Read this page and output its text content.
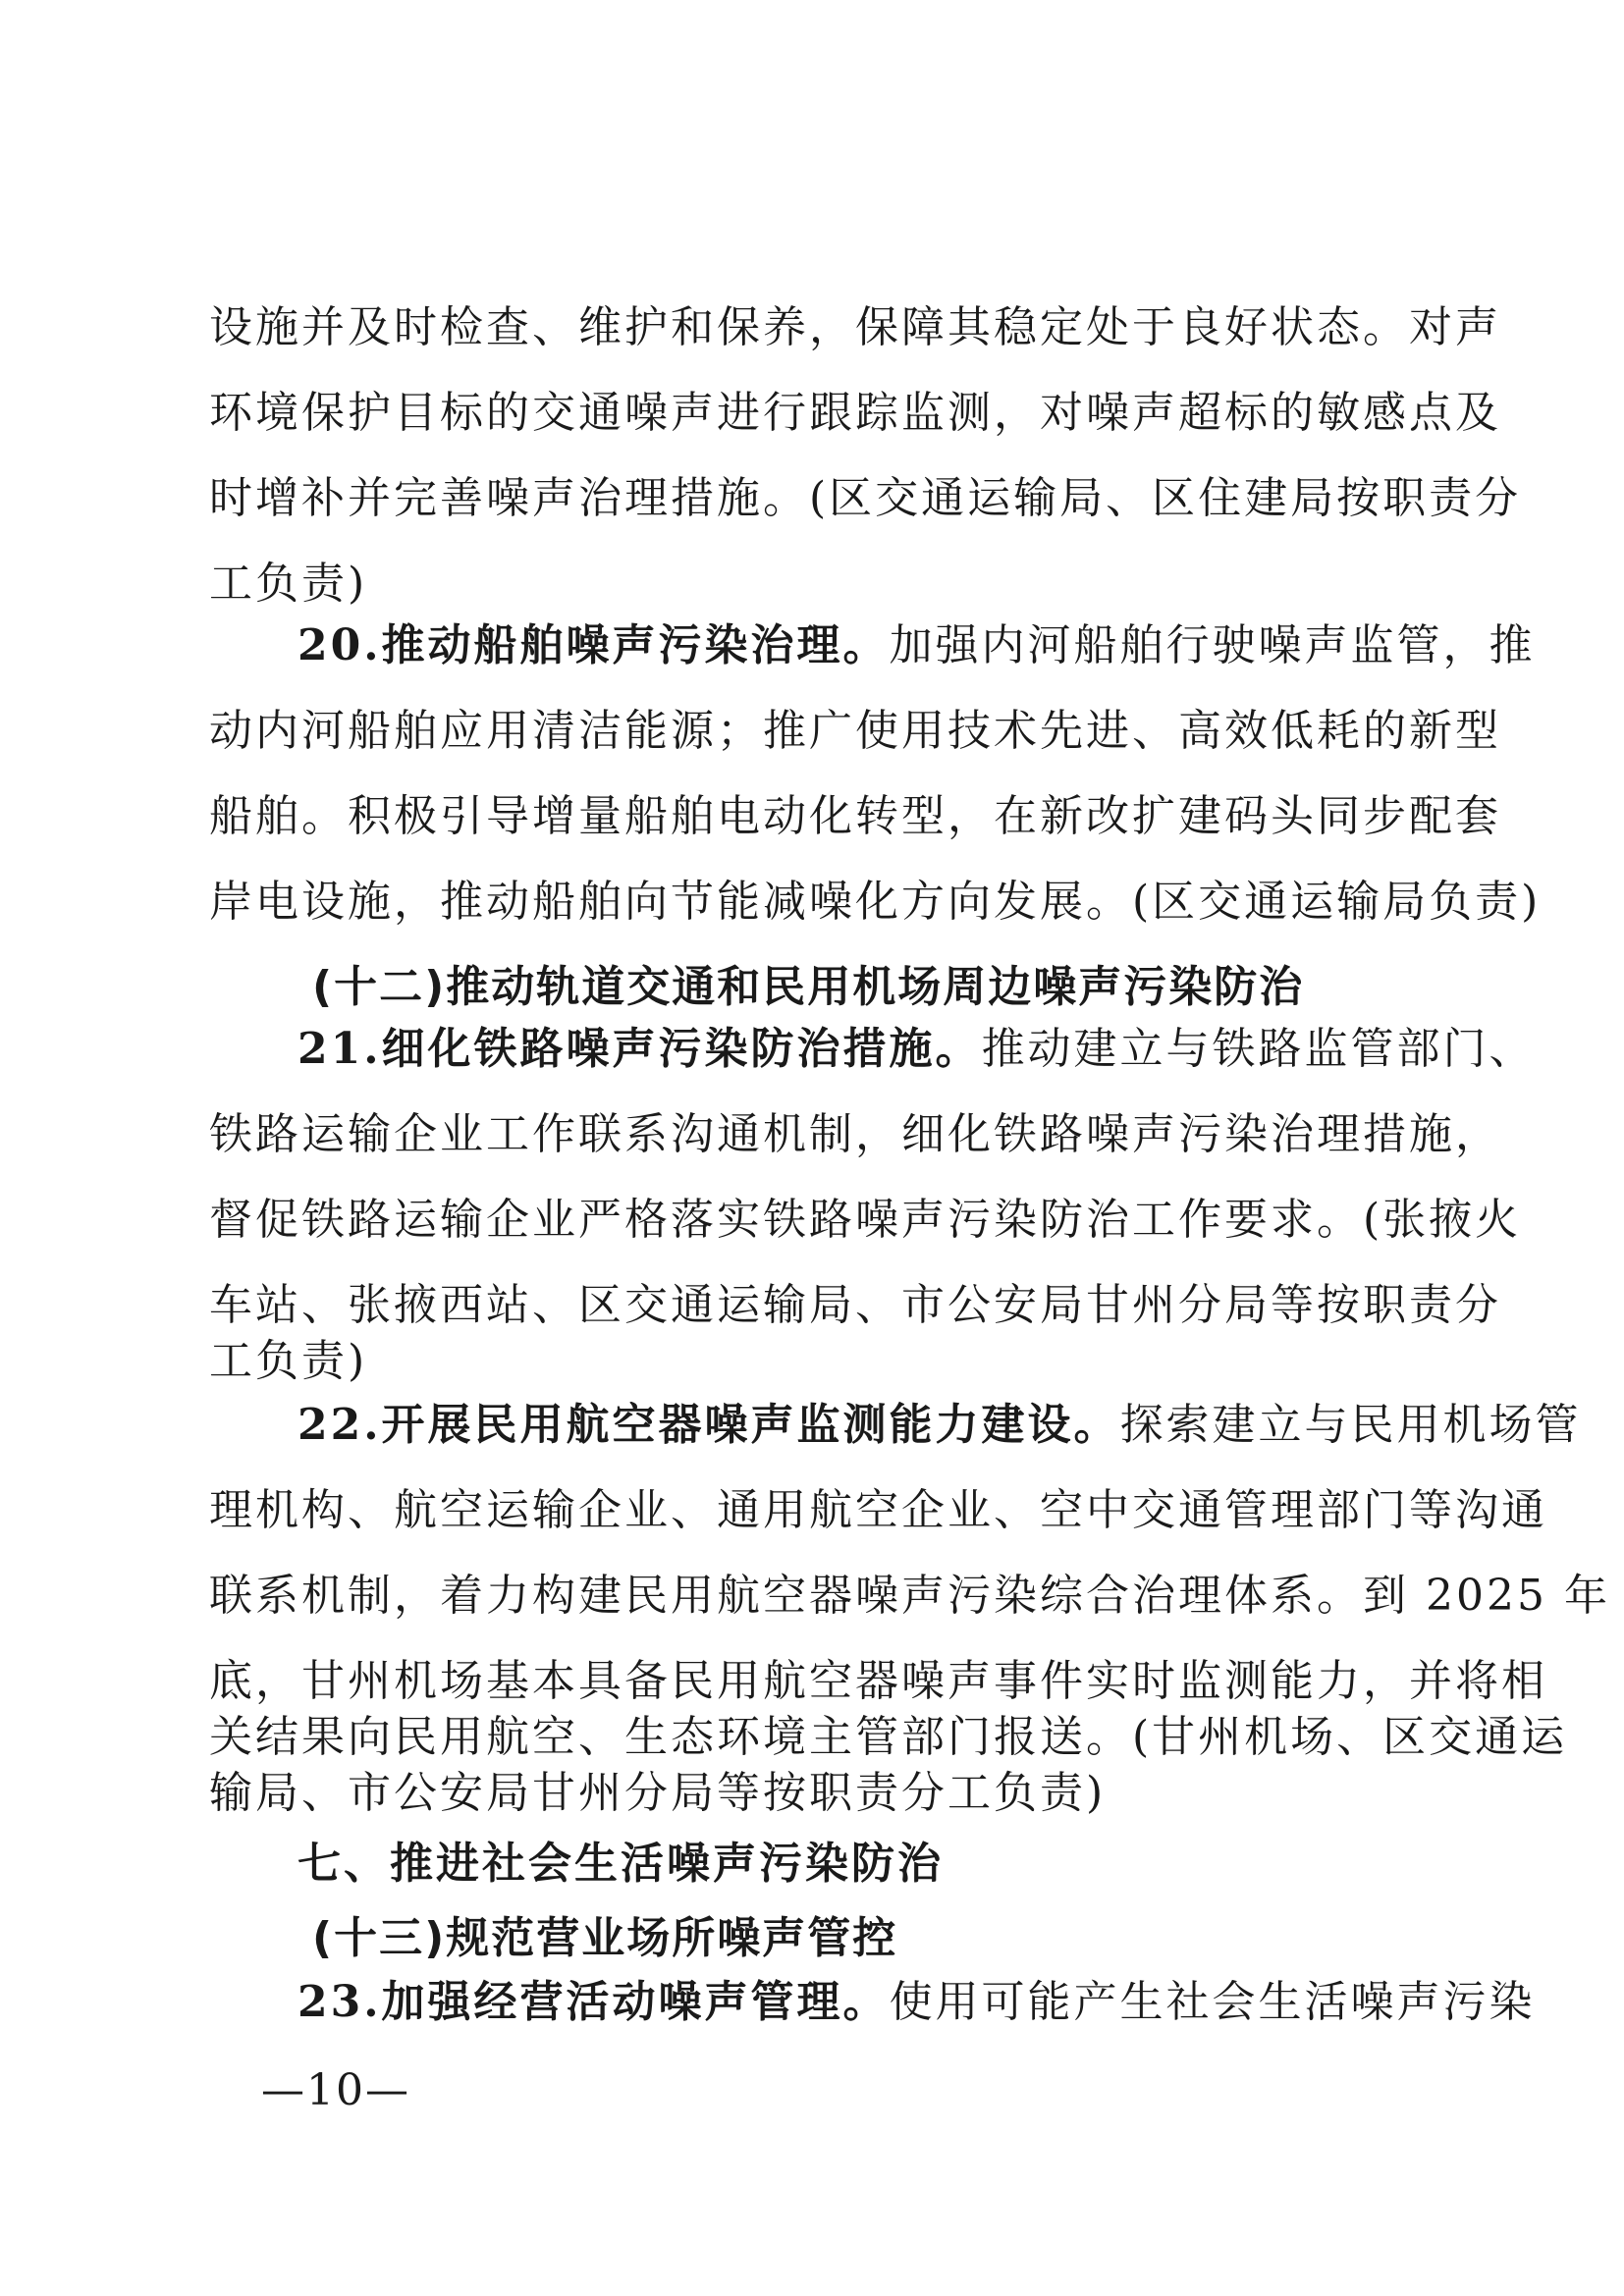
设施并及时检查、维护和保养，保障其稳定处于良好状态。对声
环境保护目标的交通噪声进行跟踪监测，对噪声超标的敏感点及
时增补并完善噪声治理措施。(区交通运输局、区住建局按职责分
工负责)
20.推动船舶噪声污染治理。加强内河船舶行驶噪声监管，推
动内河船舶应用清洁能源；推广使用技术先进、高效低耗的新型
船舶。积极引导增量船舶电动化转型，在新改扩建码头同步配套
岸电设施，推动船舶向节能减噪化方向发展。(区交通运输局负责)
(十二)推动轨道交通和民用机场周边噪声污染防治
21.细化铁路噪声污染防治措施。推动建立与铁路监管部门、
铁路运输企业工作联系沟通机制，细化铁路噪声污染治理措施，
督促铁路运输企业严格落实铁路噪声污染防治工作要求。(张掖火
车站、张掖西站、区交通运输局、市公安局甘州分局等按职责分
工负责)
22.开展民用航空器噪声监测能力建设。探索建立与民用机场管
理机构、航空运输企业、通用航空企业、空中交通管理部门等沟通
联系机制，着力构建民用航空器噪声污染综合治理体系。到 2025 年
底，甘州机场基本具备民用航空器噪声事件实时监测能力，并将相
关结果向民用航空、生态环境主管部门报送。(甘州机场、区交通运
输局、市公安局甘州分局等按职责分工负责)
七、推进社会生活噪声污染防治
(十三)规范营业场所噪声管控
23.加强经营活动噪声管理。使用可能产生社会生活噪声污染
—10—
